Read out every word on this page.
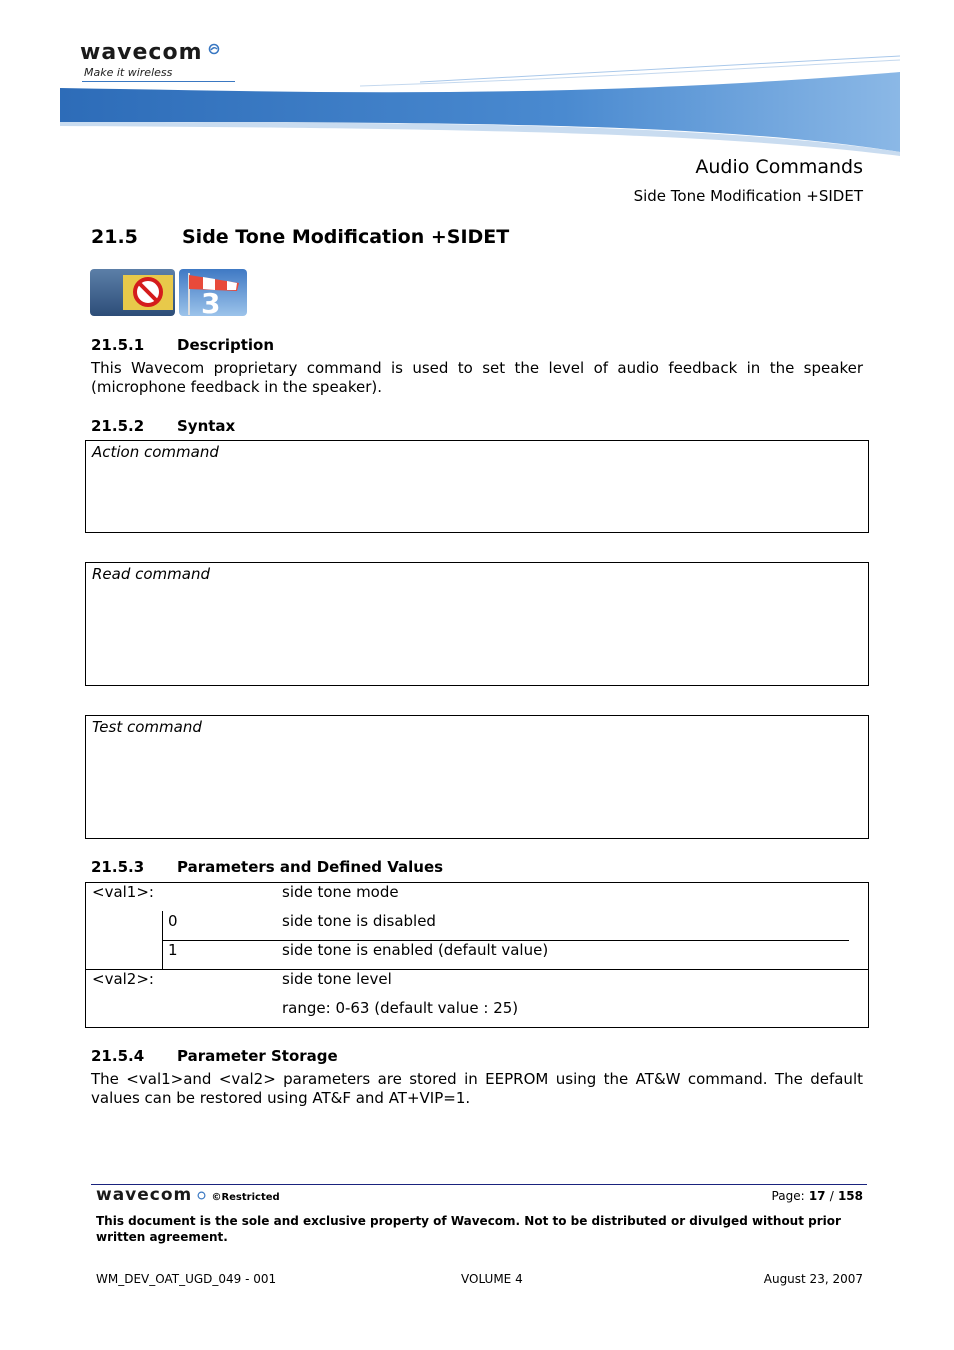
wavecom
Make it wireless
Audio Commands
Side Tone Modification +SIDET
21.5 Side Tone Modification +SIDET
3
21.5.1 Description
This Wavecom proprietary command is used to set the level of audio feedback in the speaker (microphone feedback in the speaker).
21.5.2 Syntax
Action command
Read command
Test command
21.5.3 Parameters and Defined Values
<val1>:	side tone mode
0	side tone is disabled
1	side tone is enabled (default value)
<val2>:	side tone level
range: 0-63 (default value : 25)
21.5.4 Parameter Storage
The <val1>and <val2> parameters are stored in EEPROM using the AT&W command. The default values can be restored using AT&F and AT+VIP=1.
wavecom ©Restricted	Page: 17 / 158
This document is the sole and exclusive property of Wavecom. Not to be distributed or divulged without prior written agreement.
WM_DEV_OAT_UGD_049 - 001	VOLUME 4	August 23, 2007
